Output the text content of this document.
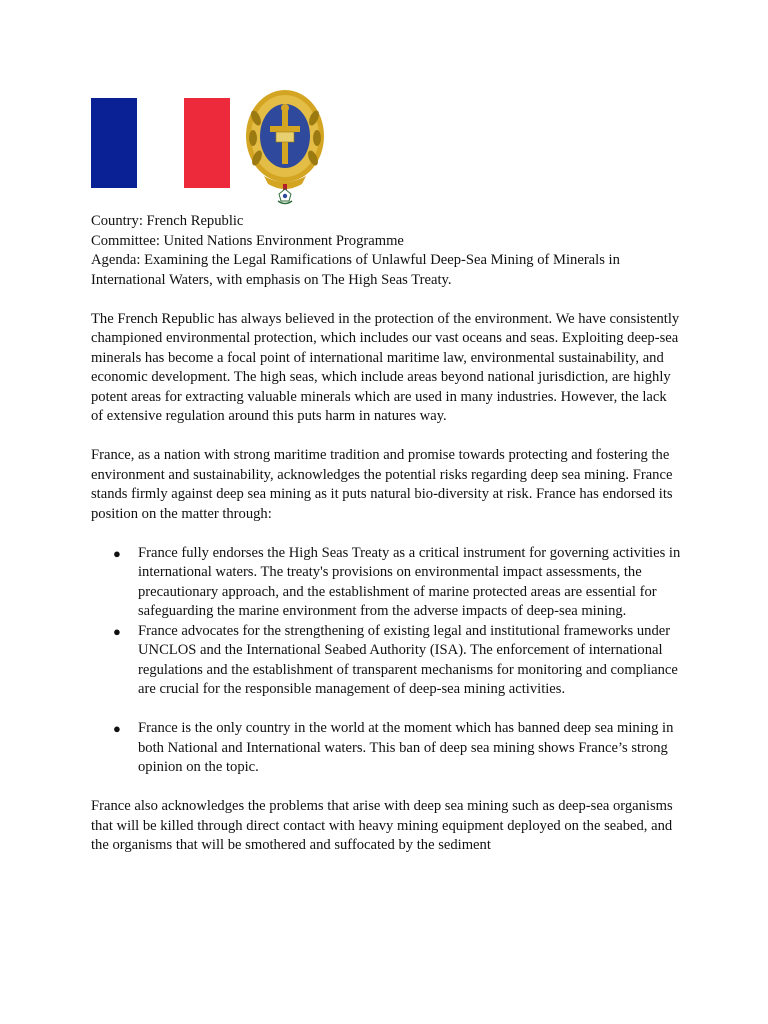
Country: French Republic

Committee: United Nations Environment Programme

Agenda: Examining the Legal Ramifications of Unlawful Deep-Sea Mining of Minerals in International Waters, with emphasis on The High Seas Treaty.

The French Republic has always believed in the protection of the environment. We have consistently championed environmental protection, which includes our vast oceans and seas. Exploiting deep-sea minerals has become a focal point of international maritime law, environmental sustainability, and economic development. The high seas, which include areas beyond national jurisdiction, are highly potent areas for extracting valuable minerals which are used in many industries. However, the lack of extensive regulation around this puts harm in natures way.

France, as a nation with strong maritime tradition and promise towards protecting and fostering the environment and sustainability, acknowledges the potential risks regarding deep sea mining. France stands firmly against deep sea mining as it puts natural bio-diversity at risk. France has endorsed its position on the matter through:

● France fully endorses the High Seas Treaty as a critical instrument for governing activities in international waters. The treaty's provisions on environmental impact assessments, the precautionary approach, and the establishment of marine protected areas are essential for safeguarding the marine environment from the adverse impacts of deep-sea mining.
● France advocates for the strengthening of existing legal and institutional frameworks under UNCLOS and the International Seabed Authority (ISA). The enforcement of international regulations and the establishment of transparent mechanisms for monitoring and compliance are crucial for the responsible management of deep-sea mining activities.
● France is the only country in the world at the moment which has banned deep sea mining in both National and International waters. This ban of deep sea mining shows France’s strong opinion on the topic.

France also acknowledges the problems that arise with deep sea mining such as deep-sea organisms that will be killed through direct contact with heavy mining equipment deployed on the seabed, and the organisms that will be smothered and suffocated by the sediment
